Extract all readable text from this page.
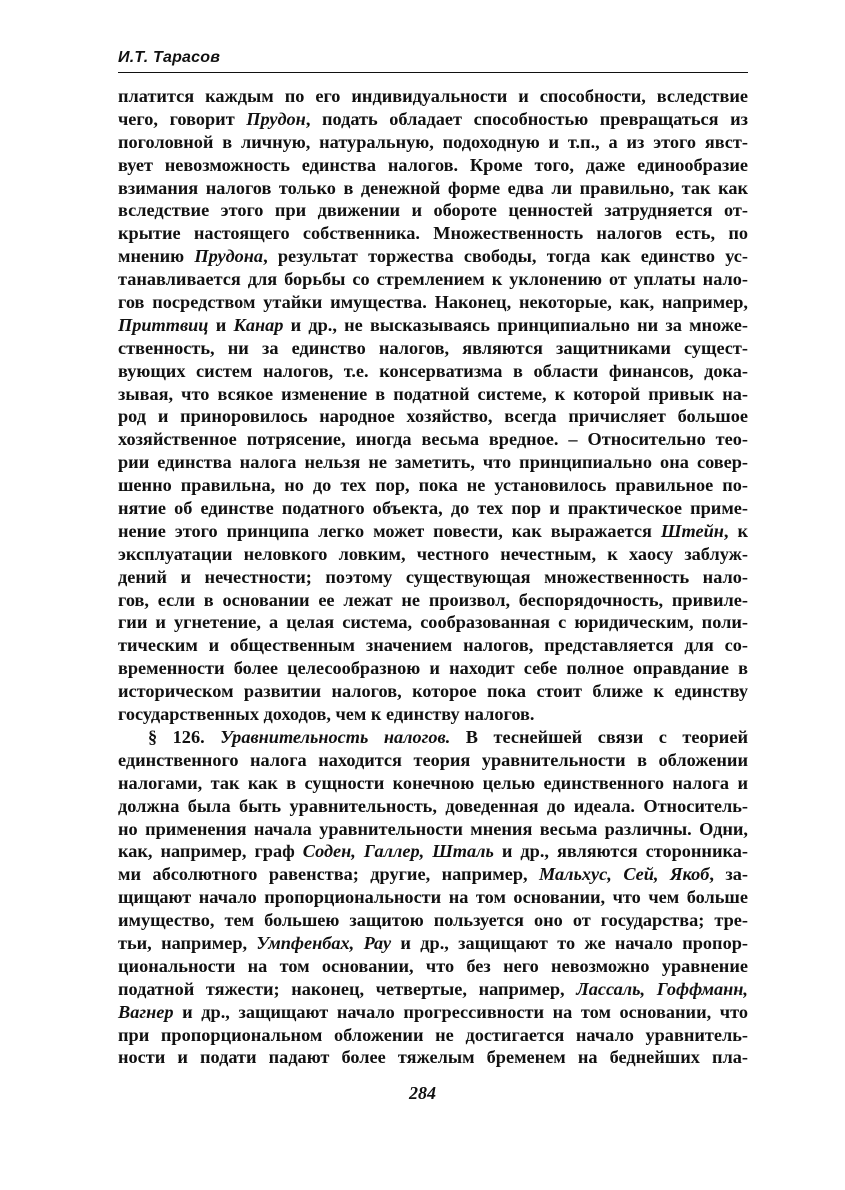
И.Т. Тарасов
платится каждым по его индивидуальности и способности, вследствие
чего, говорит Прудон, подать обладает способностью превращаться из
поголовной в личную, натуральную, подоходную и т.п., а из этого явст-
вует невозможность единства налогов. Кроме того, даже единообразие
взимания налогов только в денежной форме едва ли правильно, так как
вследствие этого при движении и обороте ценностей затрудняется от-
крытие настоящего собственника. Множественность налогов есть, по
мнению Прудона, результат торжества свободы, тогда как единство ус-
танавливается для борьбы со стремлением к уклонению от уплаты нало-
гов посредством утайки имущества. Наконец, некоторые, как, например,
Приттвиц и Канар и др., не высказываясь принципиально ни за множе-
ственность, ни за единство налогов, являются защитниками сущест-
вующих систем налогов, т.е. консерватизма в области финансов, дока-
зывая, что всякое изменение в податной системе, к которой привык на-
род и приноровилось народное хозяйство, всегда причисляет большое
хозяйственное потрясение, иногда весьма вредное. – Относительно тео-
рии единства налога нельзя не заметить, что принципиально она совер-
шенно правильна, но до тех пор, пока не установилось правильное по-
нятие об единстве податного объекта, до тех пор и практическое приме-
нение этого принципа легко может повести, как выражается Штейн, к
эксплуатации неловкого ловким, честного нечестным, к хаосу заблуж-
дений и нечестности; поэтому существующая множественность нало-
гов, если в основании ее лежат не произвол, беспорядочность, привиле-
гии и угнетение, а целая система, сообразованная с юридическим, поли-
тическим и общественным значением налогов, представляется для со-
временности более целесообразною и находит себе полное оправдание в
историческом развитии налогов, которое пока стоит ближе к единству
государственных доходов, чем к единству налогов.
§ 126. Уравнительность налогов. В теснейшей связи с теорией
единственного налога находится теория уравнительности в обложении
налогами, так как в сущности конечною целью единственного налога и
должна была быть уравнительность, доведенная до идеала. Относитель-
но применения начала уравнительности мнения весьма различны. Одни,
как, например, граф Соден, Галлер, Шталь и др., являются сторонника-
ми абсолютного равенства; другие, например, Мальхус, Сей, Якоб, за-
щищают начало пропорциональности на том основании, что чем больше
имущество, тем большею защитою пользуется оно от государства; тре-
тьи, например, Умпфенбах, Рау и др., защищают то же начало пропор-
циональности на том основании, что без него невозможно уравнение
податной тяжести; наконец, четвертые, например, Лассаль, Гоффманн,
Вагнер и др., защищают начало прогрессивности на том основании, что
при пропорциональном обложении не достигается начало уравнитель-
ности и подати падают более тяжелым бременем на беднейших пла-
284
